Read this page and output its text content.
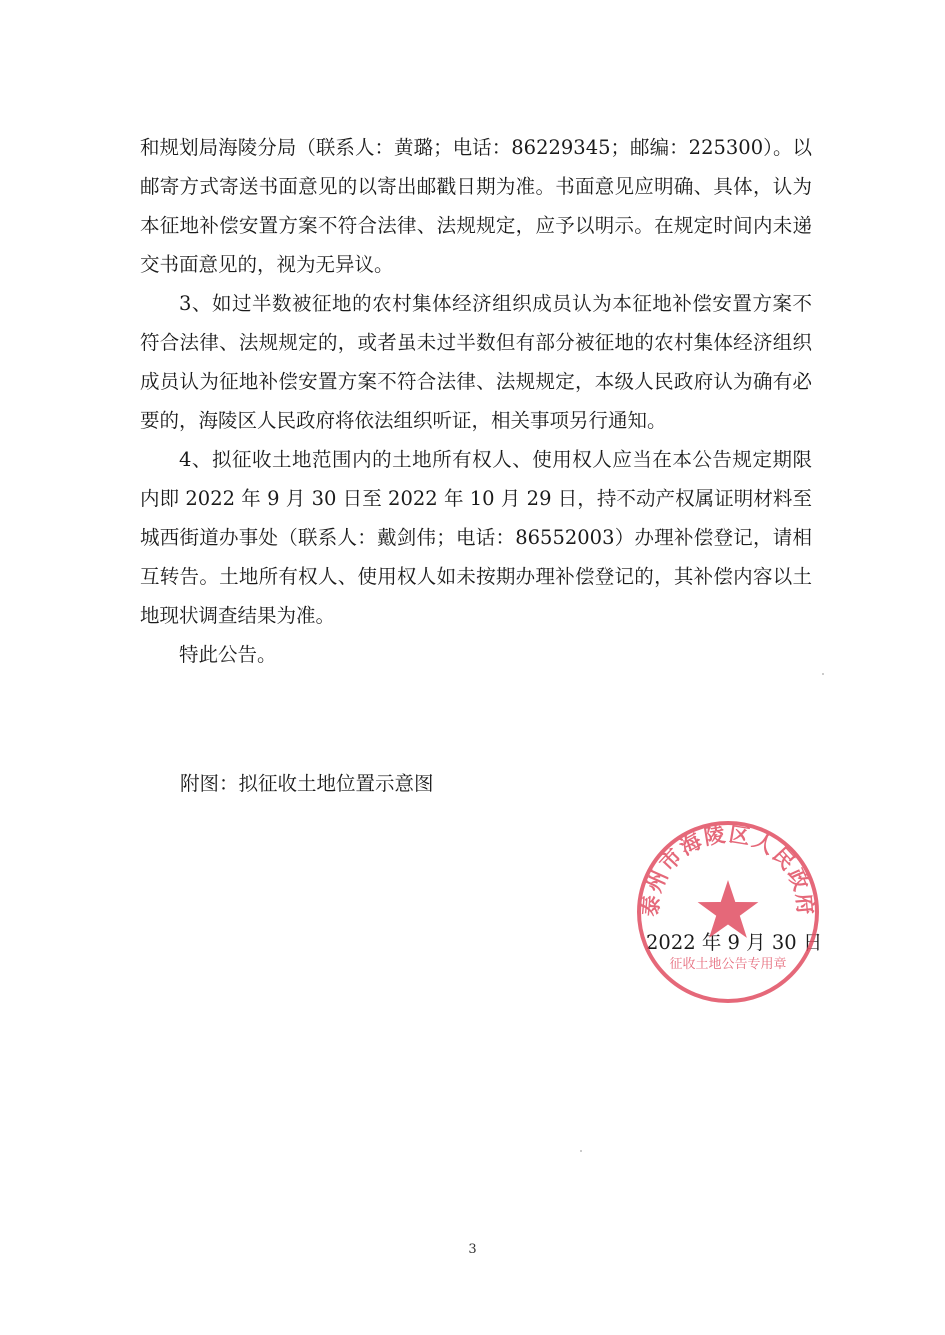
和规划局海陵分局（联系人：黄璐；电话：86229345；邮编：225300）。以邮寄方式寄送书面意见的以寄出邮戳日期为准。书面意见应明确、具体，认为本征地补偿安置方案不符合法律、法规规定，应予以明示。在规定时间内未递交书面意见的，视为无异议。

3、如过半数被征地的农村集体经济组织成员认为本征地补偿安置方案不符合法律、法规规定的，或者虽未过半数但有部分被征地的农村集体经济组织成员认为征地补偿安置方案不符合法律、法规规定，本级人民政府认为确有必要的，海陵区人民政府将依法组织听证，相关事项另行通知。

4、拟征收土地范围内的土地所有权人、使用权人应当在本公告规定期限内即 2022 年 9 月 30 日至 2022 年 10 月 29 日，持不动产权属证明材料至城西街道办事处（联系人：戴剑伟；电话：86552003）办理补偿登记，请相互转告。土地所有权人、使用权人如未按期办理补偿登记的，其补偿内容以土地现状调查结果为准。

特此公告。

附图：拟征收土地位置示意图
2022 年 9 月 30 日
泰州市海陵区人民政府
征收土地公告专用章
3
